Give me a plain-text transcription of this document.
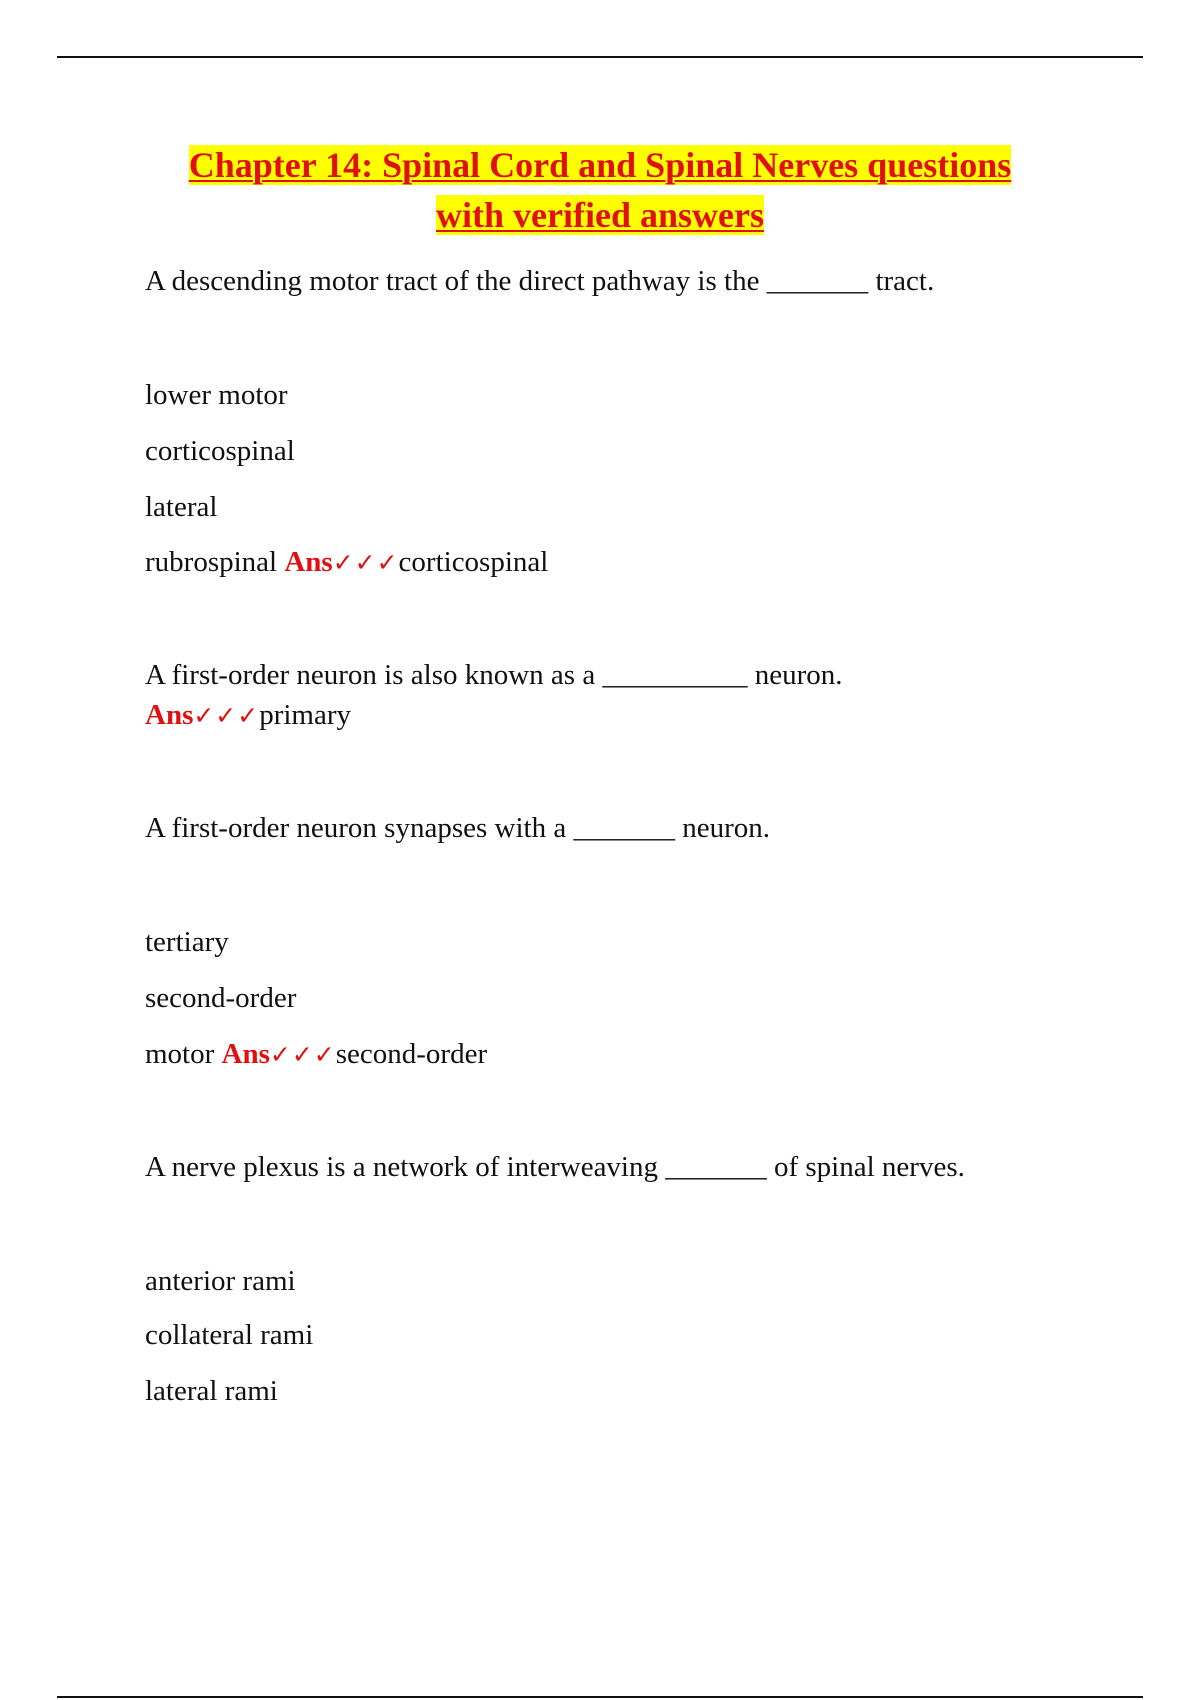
Chapter 14: Spinal Cord and Spinal Nerves questions
with verified answers
A descending motor tract of the direct pathway is the _______ tract.
lower motor
corticospinal
lateral
rubrospinal Ans✓✓✓corticospinal
A first-order neuron is also known as a __________ neuron.
Ans✓✓✓primary
A first-order neuron synapses with a _______ neuron.
tertiary
second-order
motor Ans✓✓✓second-order
A nerve plexus is a network of interweaving _______ of spinal nerves.
anterior rami
collateral rami
lateral rami
